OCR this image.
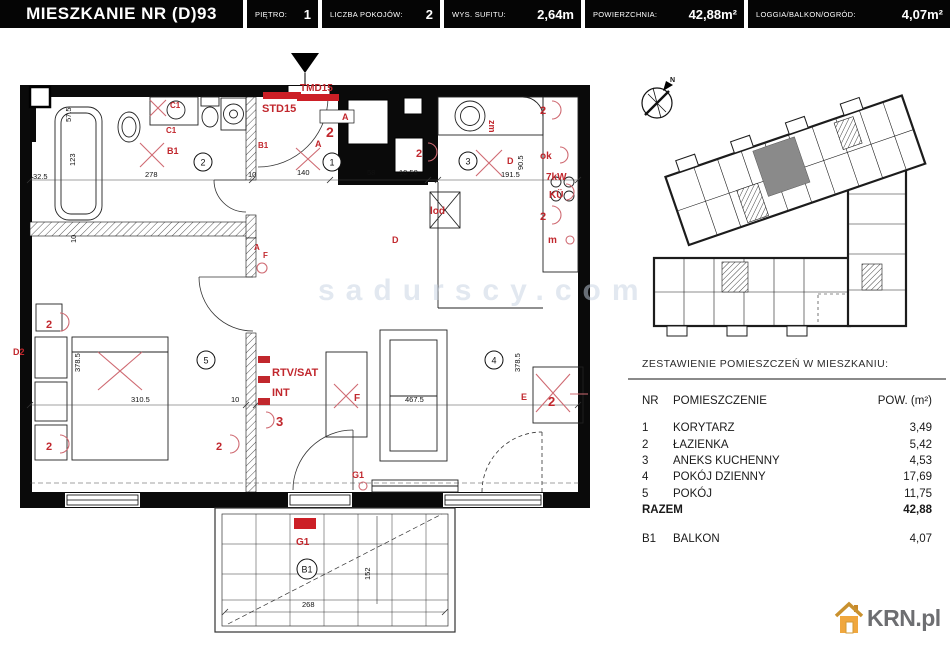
MIESZKANIE NR (D)93	PIĘTRO: 1	LICZBA POKOJÓW: 2	WYS. SUFITU: 2,64m	POWIERZCHNIA: 42,88m²	LOGGIA/BALKON/OGRÓD:	4,07m²
TMD15
STD15
A
2
A
B1
C1
C1
B1
zm
D
D
2
2
ok
7kW
KÜ
2
m
lod
A
F
RTV/SAT
INT
3
F
G1
E 2
2
2	2
D2
G1
57.5
123
32.5	278	10	140	58	10 58	191.5
90.5
10
378.5
310.5	10	467.5
378.5
268
152
1
2	3
4
5
B1
N
sadurscy.com
ZESTAWIENIE POMIESZCZEŃ W MIESZKANIU:
NR	POMIESZCZENIE	POW. (m²)
1	KORYTARZ	3,49
2	ŁAZIENKA	5,42
3	ANEKS KUCHENNY	4,53
4	POKÓJ DZIENNY	17,69
5	POKÓJ	11,75
RAZEM	42,88
B1	BALKON	4,07
KRN.pl
